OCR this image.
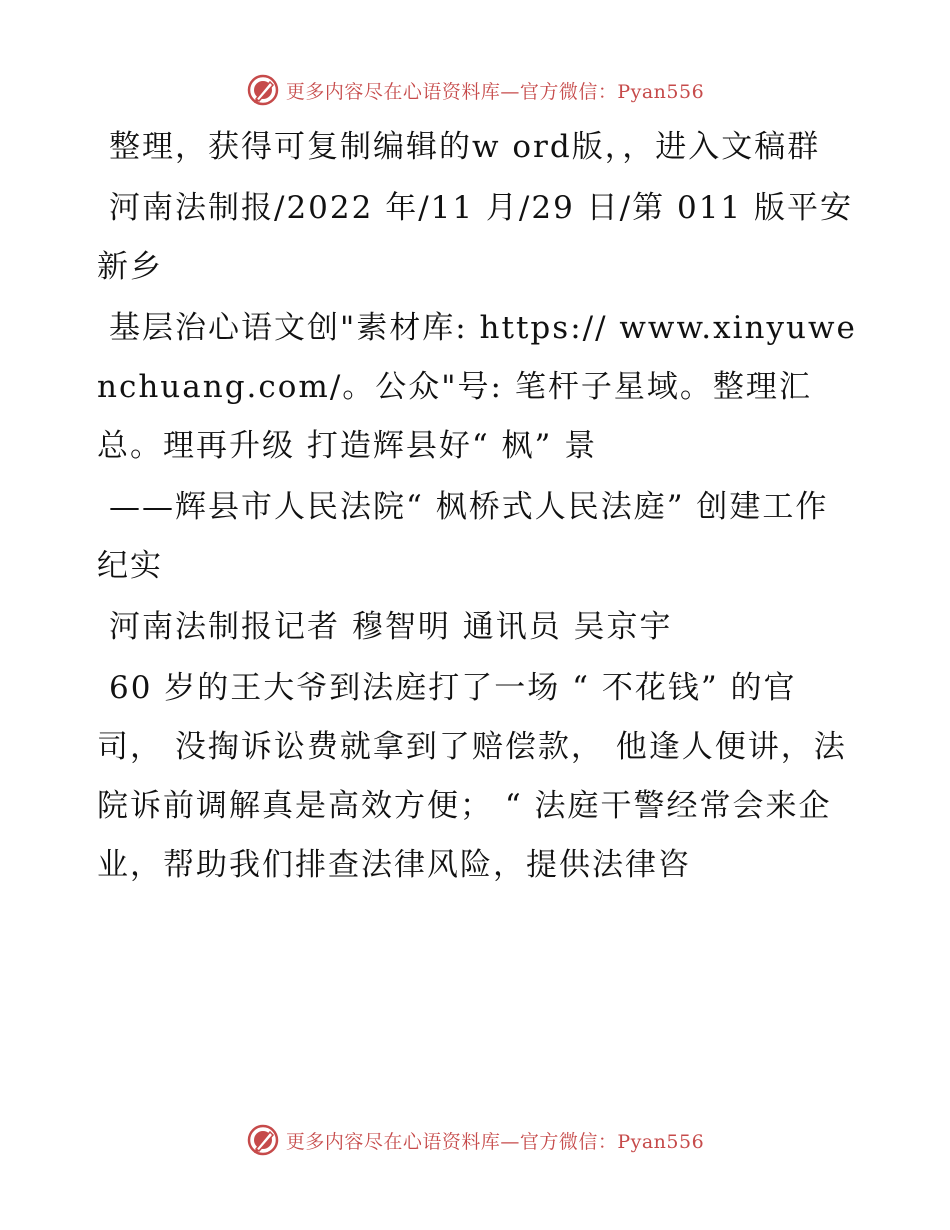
更多内容尽在心语资料库—官方微信：Pyan556

整理，获得可复制编辑的w ord版，，进入文稿群

河南法制报/2022 年/11 月/29 日/第 011 版平安新乡

基层治心语文创"素材库: https:// www.xinyuwenchuang.com/。公众"号: 笔杆子星域。整理汇总。理再升级 打造辉县好“ 枫” 景

——辉县市人民法院“ 枫桥式人民法庭” 创建工作纪实

河南法制报记者 穆智明 通讯员 吴京宇

60 岁的王大爷到法庭打了一场 “ 不花钱” 的官司， 没掏诉讼费就拿到了赔偿款， 他逢人便讲，法院诉前调解真是高效方便； “ 法庭干警经常会来企业，帮助我们排查法律风险，提供法律咨

更多内容尽在心语资料库—官方微信：Pyan556
